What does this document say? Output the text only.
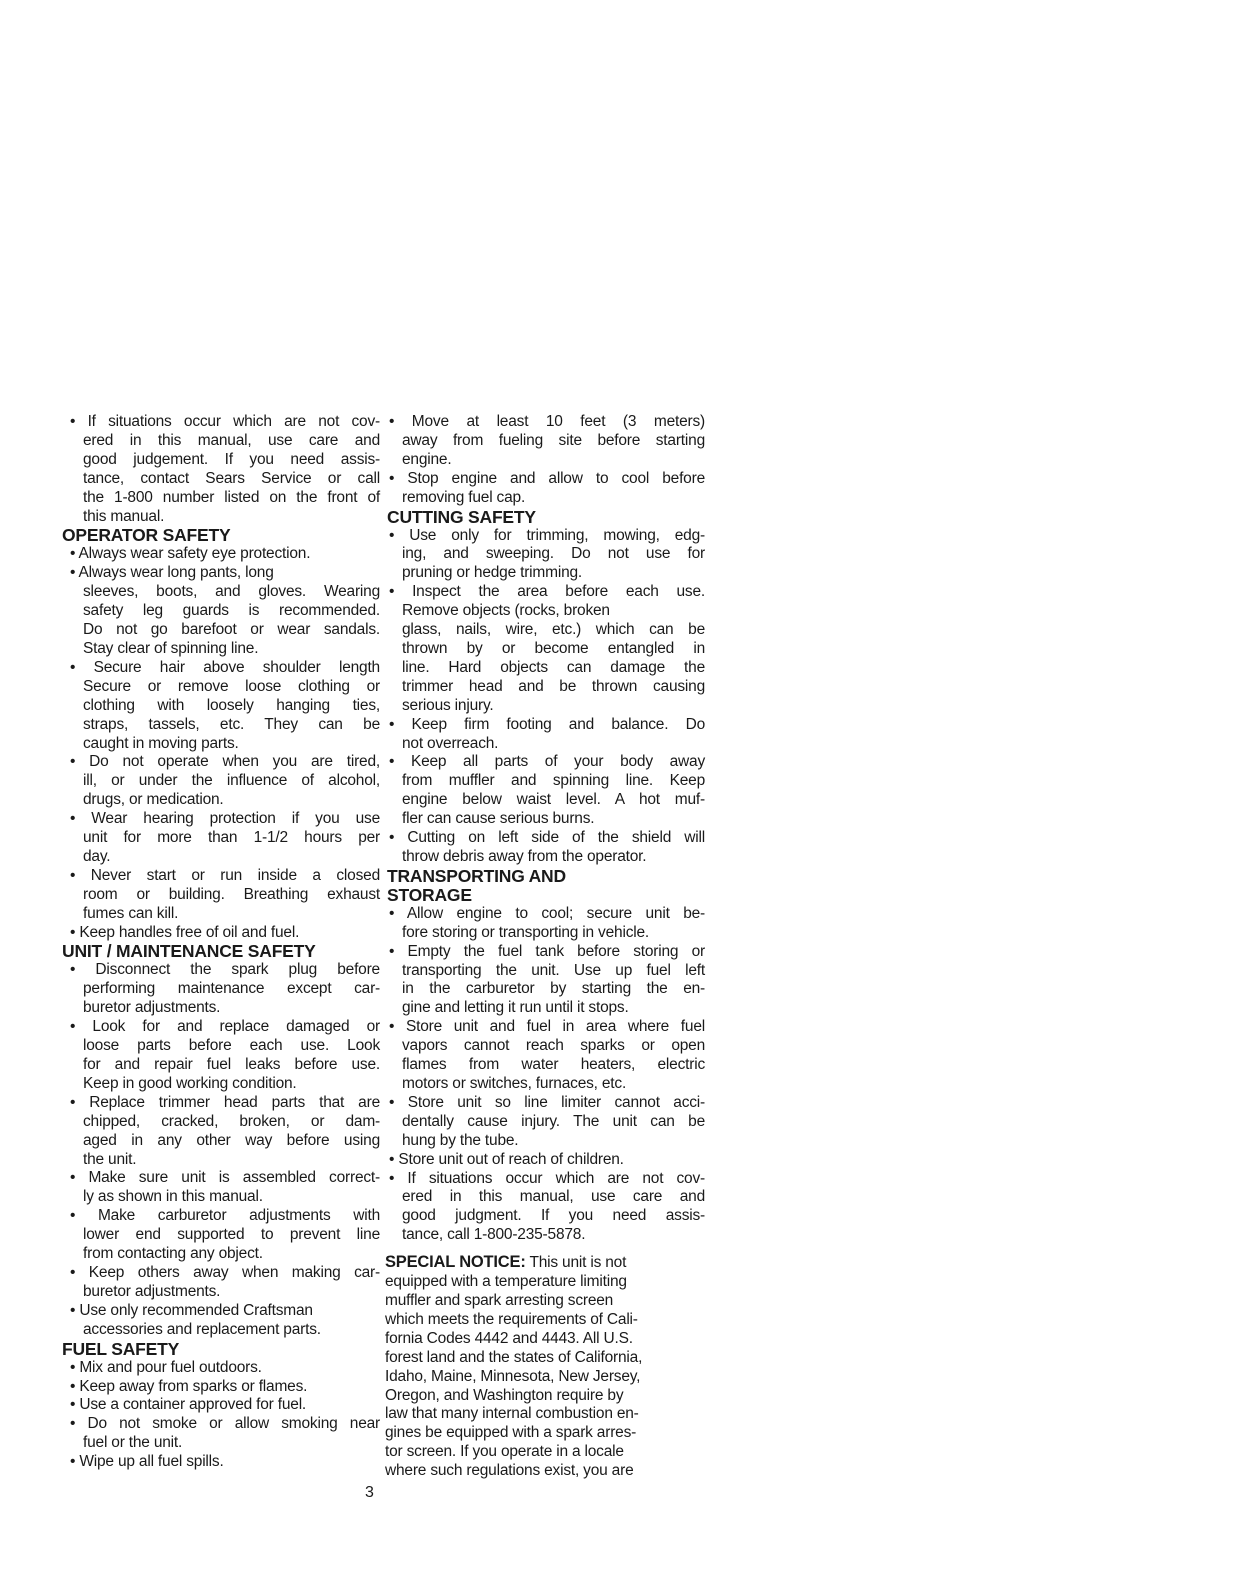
• If situations occur which are not cov-

ered in this manual, use care and

good judgement. If you need assis-

tance, contact Sears Service or call

the 1-800 number listed on the front of

this manual.

OPERATOR SAFETY

• Always wear safety eye protection.

• Always wear long pants, long

sleeves, boots, and gloves. Wearing

safety leg guards is recommended.

Do not go barefoot or wear sandals.

Stay clear of spinning line.

• Secure hair above shoulder length

Secure or remove loose clothing or

clothing with loosely hanging ties,

straps, tassels, etc. They can be

caught in moving parts.

• Do not operate when you are tired,

ill, or under the influence of alcohol,

drugs, or medication.

• Wear hearing protection if you use

unit for more than 1-1/2 hours per

day.

• Never start or run inside a closed

room or building. Breathing exhaust

fumes can kill.

• Keep handles free of oil and fuel.

UNIT / MAINTENANCE SAFETY

• Disconnect the spark plug before

performing maintenance except car-

buretor adjustments.

• Look for and replace damaged or

loose parts before each use. Look

for and repair fuel leaks before use.

Keep in good working condition.

• Replace trimmer head parts that are

chipped, cracked, broken, or dam-

aged in any other way before using

the unit.

• Make sure unit is assembled correct-

ly as shown in this manual.

• Make carburetor adjustments with

lower end supported to prevent line

from contacting any object.

• Keep others away when making car-

buretor adjustments.

• Use only recommended Craftsman

accessories and replacement parts.

FUEL SAFETY

• Mix and pour fuel outdoors.

• Keep away from sparks or flames.

• Use a container approved for fuel.

• Do not smoke or allow smoking near

fuel or the unit.

• Wipe up all fuel spills.

• Move at least 10 feet (3 meters)

away from fueling site before starting

engine.

• Stop engine and allow to cool before

removing fuel cap.

CUTTING SAFETY

• Use only for trimming, mowing, edg-

ing, and sweeping. Do not use for

pruning or hedge trimming.

• Inspect the area before each use.

Remove objects (rocks, broken

glass, nails, wire, etc.) which can be

thrown by or become entangled in

line. Hard objects can damage the

trimmer head and be thrown causing

serious injury.

• Keep firm footing and balance. Do

not overreach.

• Keep all parts of your body away

from muffler and spinning line. Keep

engine below waist level. A hot muf-

fler can cause serious burns.

• Cutting on left side of the shield will

throw debris away from the operator.

TRANSPORTING AND
STORAGE

• Allow engine to cool; secure unit be-

fore storing or transporting in vehicle.

• Empty the fuel tank before storing or

transporting the unit. Use up fuel left

in the carburetor by starting the en-

gine and letting it run until it stops.

• Store unit and fuel in area where fuel

vapors cannot reach sparks or open

flames from water heaters, electric

motors or switches, furnaces, etc.

• Store unit so line limiter cannot acci-

dentally cause injury. The unit can be

hung by the tube.

• Store unit out of reach of children.

• If situations occur which are not cov-

ered in this manual, use care and

good judgment. If you need assis-

tance, call 1-800-235-5878.

SPECIAL NOTICE: This unit is not

equipped with a temperature limiting

muffler and spark arresting screen

which meets the requirements of Cali-

fornia Codes 4442 and 4443. All U.S.

forest land and the states of California,

Idaho, Maine, Minnesota, New Jersey,

Oregon, and Washington require by

law that many internal combustion en-

gines be equipped with a spark arres-

tor screen. If you operate in a locale

where such regulations exist, you are

3
